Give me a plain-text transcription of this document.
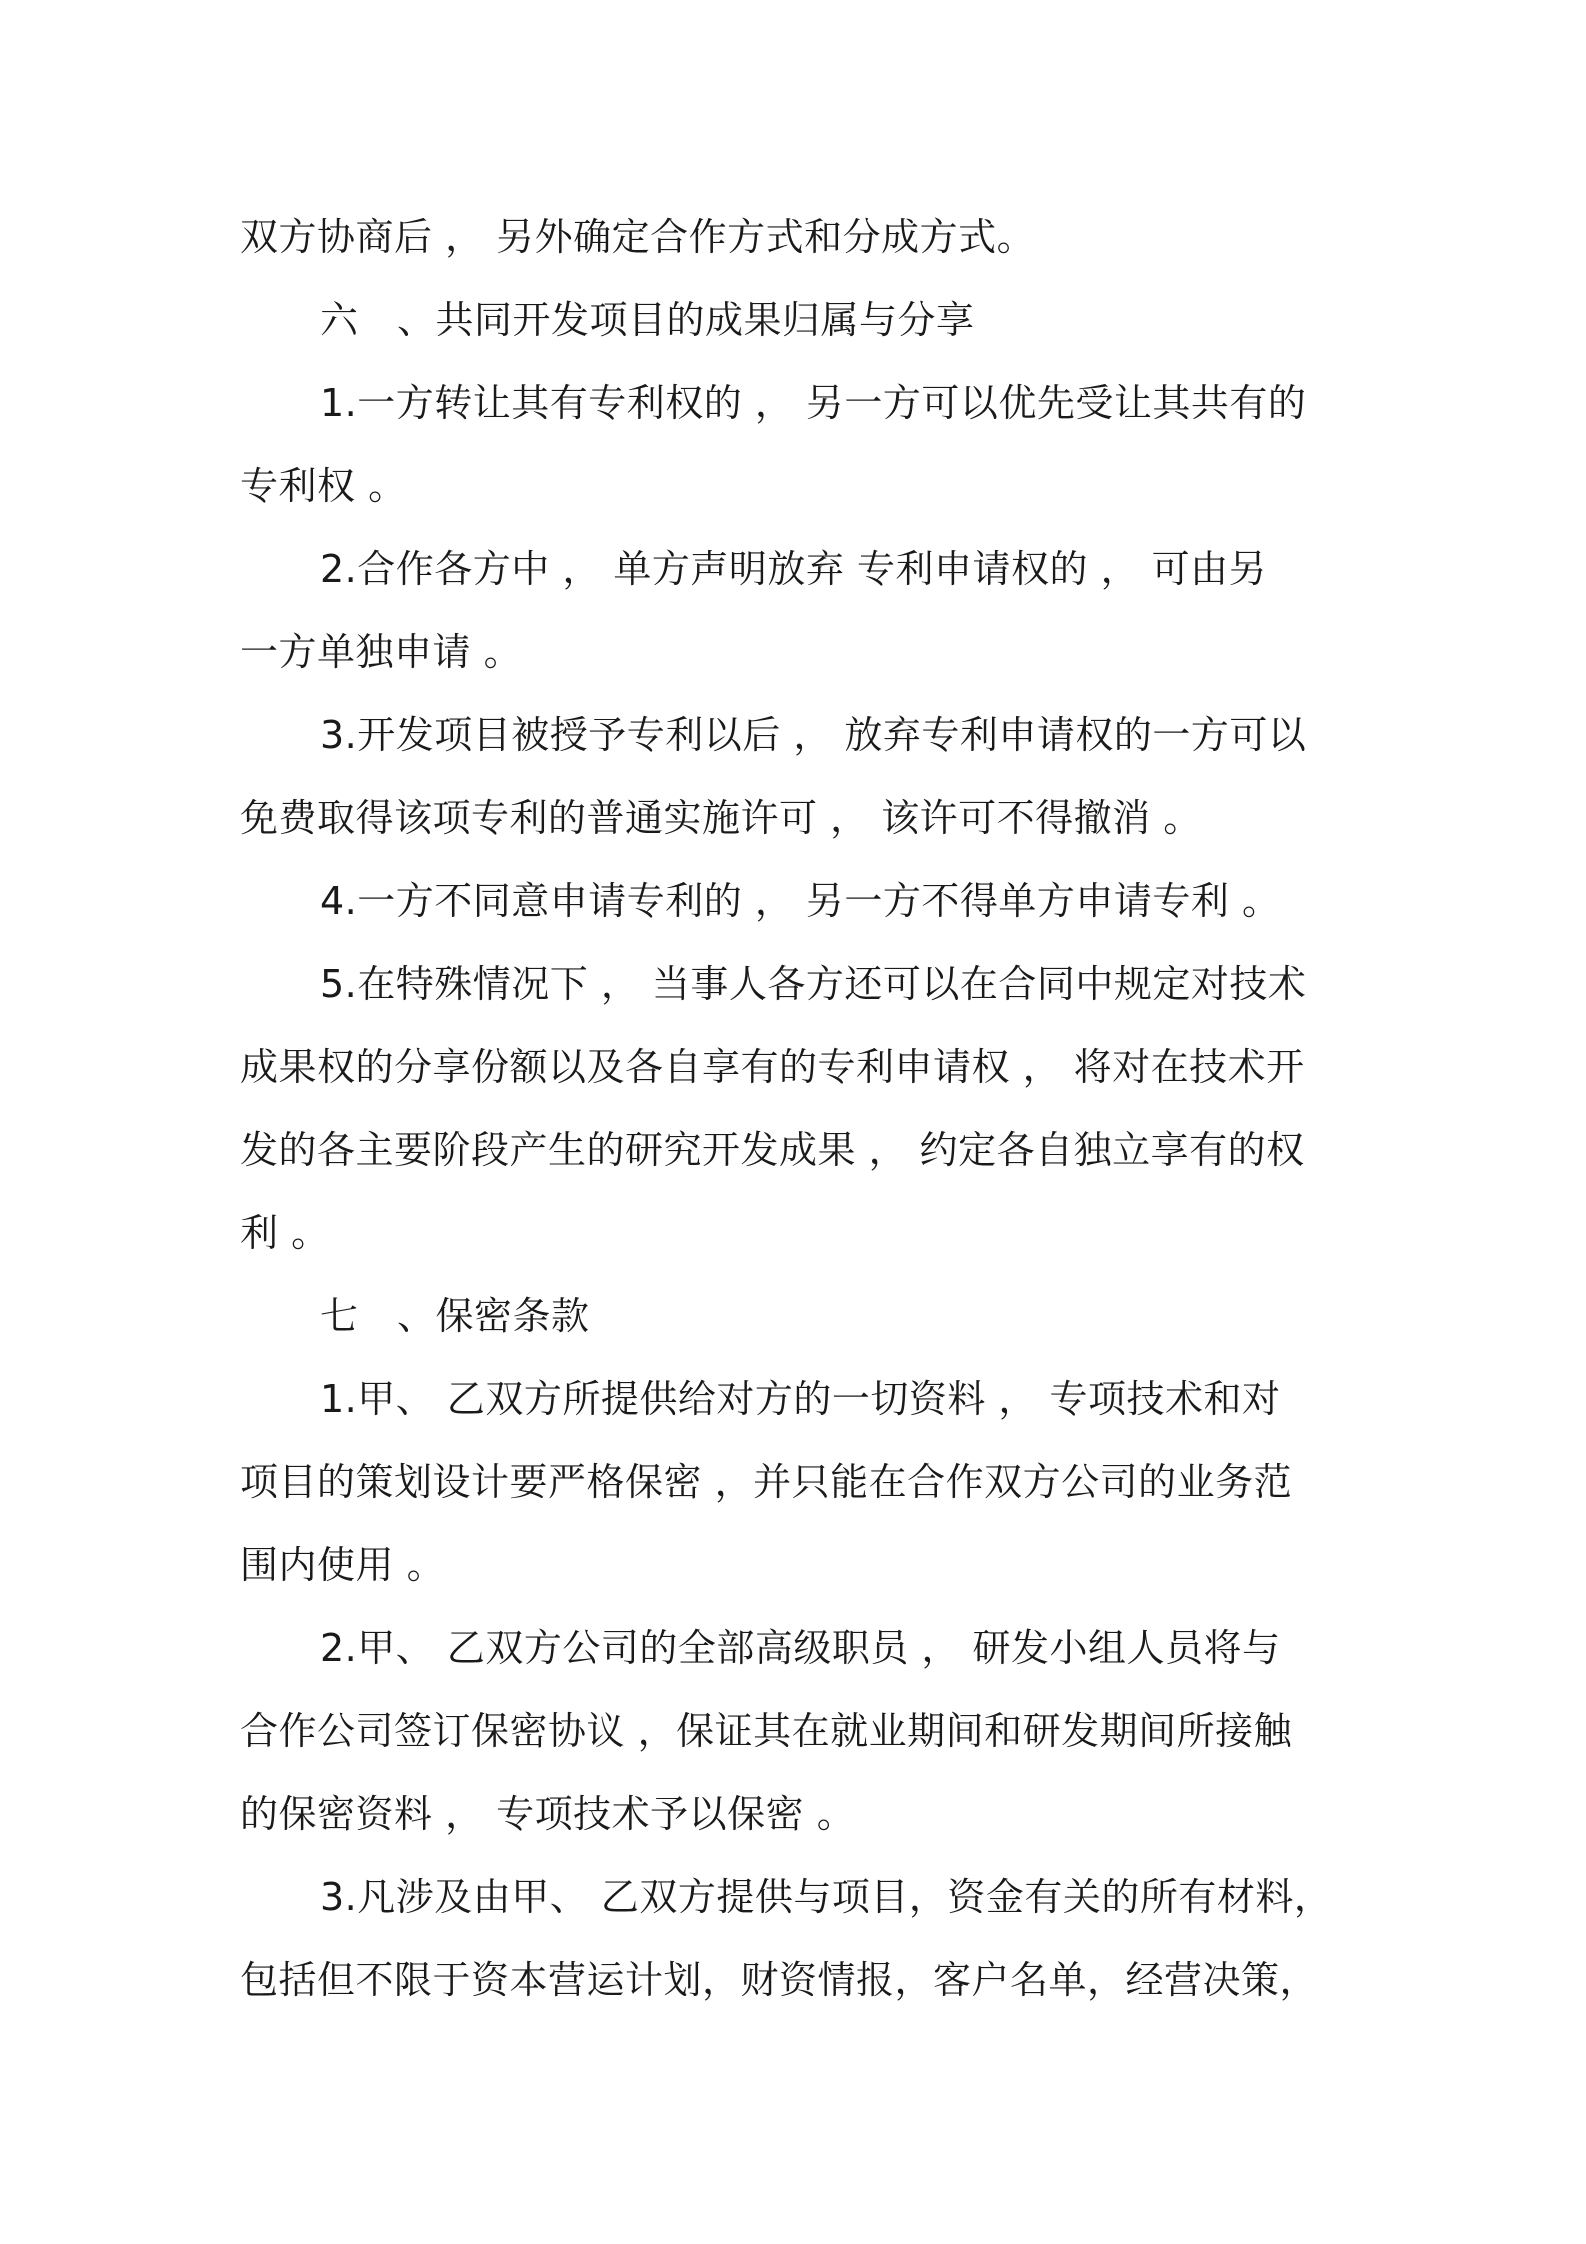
双方协商后 ， 另外确定合作方式和分成方式。
六　、共同开发项目的成果归属与分享
1.一方转让其有专利权的 ， 另一方可以优先受让其共有的
专利权 。
2.合作各方中 ， 单方声明放弃 专利申请权的 ， 可由另
一方单独申请 。
3.开发项目被授予专利以后 ， 放弃专利申请权的一方可以
免费取得该项专利的普通实施许可 ， 该许可不得撤消 。
4.一方不同意申请专利的 ， 另一方不得单方申请专利 。
5.在特殊情况下 ， 当事人各方还可以在合同中规定对技术
成果权的分享份额以及各自享有的专利申请权 ， 将对在技术开
发的各主要阶段产生的研究开发成果 ， 约定各自独立享有的权
利 。
七　、保密条款
1.甲、 乙双方所提供给对方的一切资料 ， 专项技术和对
项目的策划设计要严格保密 ，并只能在合作双方公司的业务范
围内使用 。
2.甲、 乙双方公司的全部高级职员 ， 研发小组人员将与
合作公司签订保密协议 ，保证其在就业期间和研发期间所接触
的保密资料 ， 专项技术予以保密 。
3.凡涉及由甲、 乙双方提供与项目，资金有关的所有材料，
包括但不限于资本营运计划，财资情报，客户名单，经营决策，
